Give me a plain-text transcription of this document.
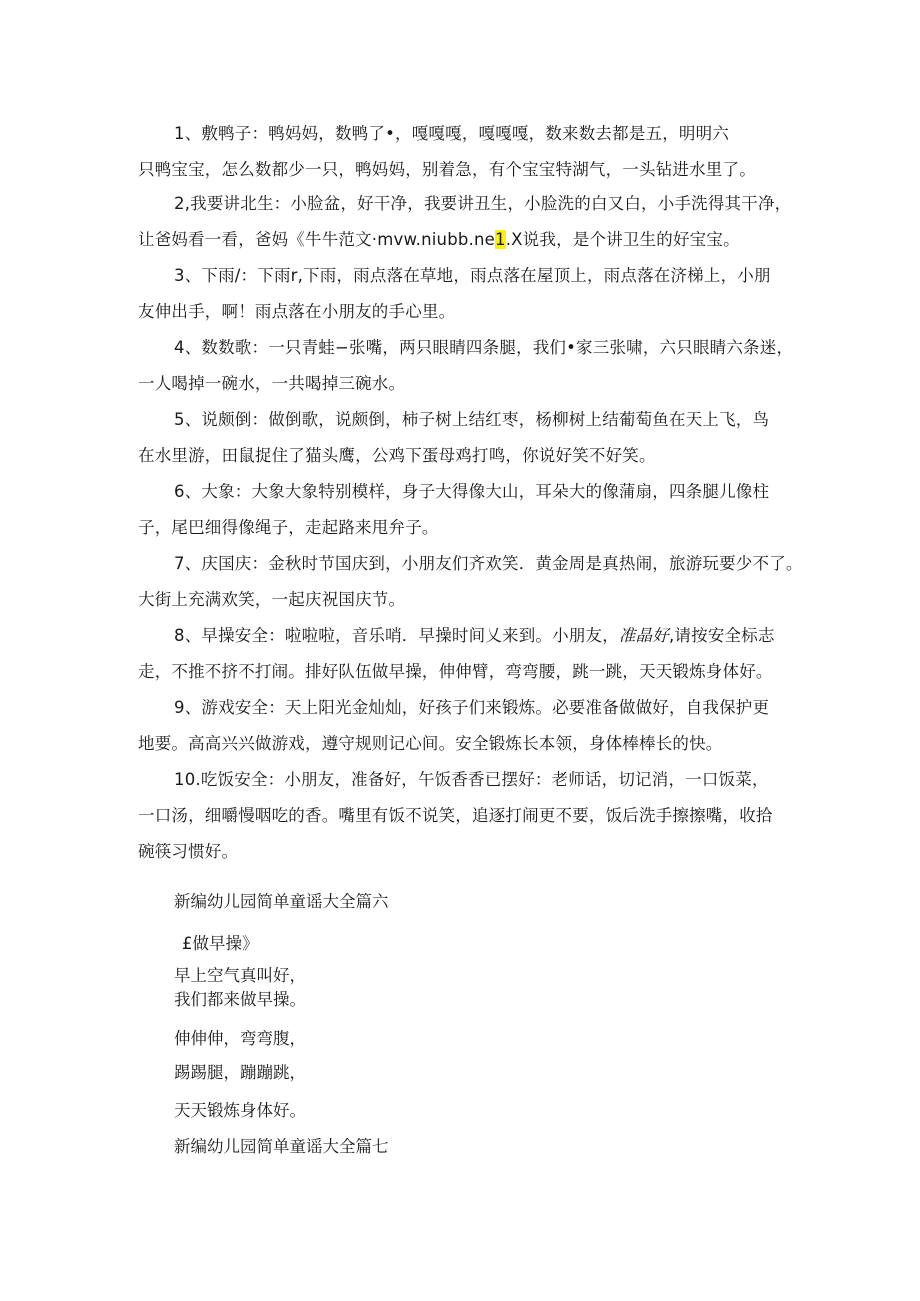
1、敷鸭子：鸭妈妈，数鸭了•，嘎嘎嘎，嘎嘎嘎，数来数去都是五，明明六
只鸭宝宝，怎么数都少一只，鸭妈妈，别着急，有个宝宝特湖气，一头钻进水里了。
2,我要讲北生：小脸盆，好干净，我要讲丑生，小脸洗的白又白，小手洗得其干净，
让爸妈看一看，爸妈《牛牛范文·mvw.niubb.ne1.X说我，是个讲卫生的好宝宝。
3、下雨/：下雨r,下雨，雨点落在草地，雨点落在屋顶上，雨点落在济梯上，小朋
友伸出手，啊！雨点落在小朋友的手心里。
4、数数歌：一只青蛙−张嘴，两只眼睛四条腿，我们•家三张啸，六只眼睛六条迷，
一人喝掉一碗水，一共喝掉三碗水。
5、说颇倒：做倒歌，说颇倒，柿子树上结红枣，杨柳树上结葡萄鱼在天上飞，鸟
在水里游，田鼠捉住了猫头鹰，公鸡下蛋母鸡打鸣，你说好笑不好笑。
6、大象：大象大象特别模样，身子大得像大山，耳朵大的像蒲扇，四条腿儿像柱
子，尾巴细得像绳子，走起路来甩弁子。
7、庆国庆：金秋时节国庆到，小朋友们齐欢笑．黄金周是真热闹，旅游玩要少不了。
大街上充满欢笑，一起庆祝国庆节。
8、早操安全：啦啦啦，音乐哨．早操时间乂来到。小朋友，准晶好,请按安全标志
走，不推不挤不打闹。排好队伍做早操，伸伸臂，弯弯腰，跳一跳，天天锻炼身体好。
9、游戏安全：天上阳光金灿灿，好孩子们来锻炼。必要准备做做好，自我保护更
地要。高高兴兴做游戏，遵守规则记心间。安全锻炼长本领，身体棒棒长的快。
10.吃饭安全：小朋友，准备好，午饭香香已摆好：老师话，切记消，一口饭菜，
一口汤，细嚼慢咽吃的香。嘴里有饭不说笑，追逐打闹更不要，饭后洗手擦擦嘴，收拾
碗筷习惯好。
新编幼儿园简单童谣大全篇六
£做早操》
早上空气真叫好，
我们都来做早操。
伸伸伸，弯弯腹，
踢踢腿，蹦蹦跳，
天天锻炼身体好。
新编幼儿园简单童谣大全篇七
